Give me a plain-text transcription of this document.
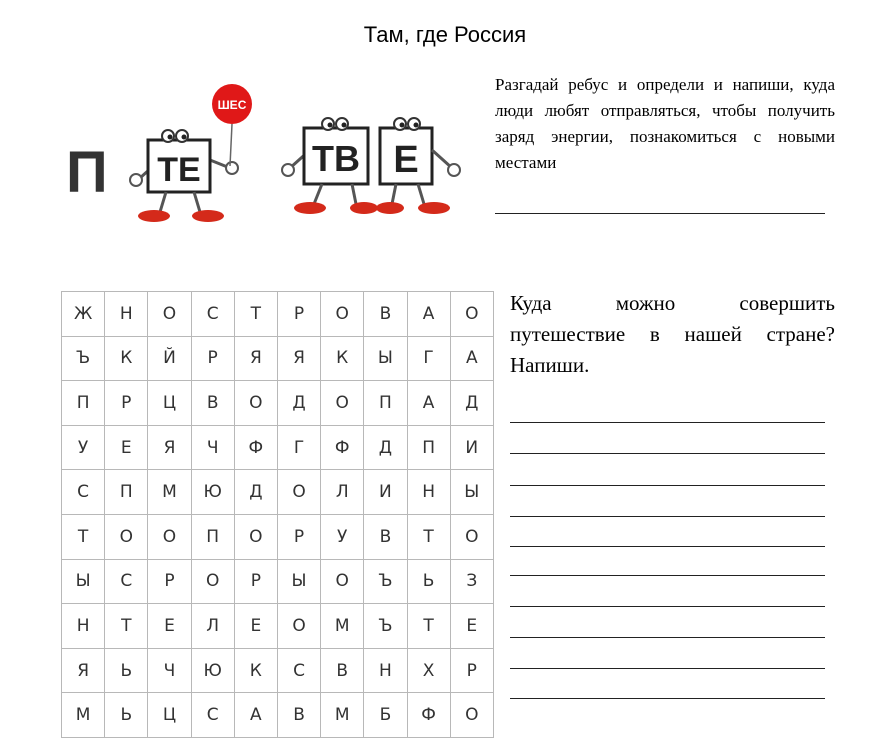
Там, где Россия
П ТЕ
ШЕС
ТВ Е
Разгадай ребус и определи и напиши, куда люди любят отправляться, чтобы получить заряд энергии, познакомиться с новыми местами
Куда можно совершить путешествие в нашей стране? Напиши.
Ж	Н	О	С	Т	Р	О	В	А	О
Ъ	К	Й	Р	Я	Я	К	Ы	Г	А
П	Р	Ц	В	О	Д	О	П	А	Д
У	Е	Я	Ч	Ф	Г	Ф	Д	П	И
С	П	М	Ю	Д	О	Л	И	Н	Ы
Т	О	О	П	О	Р	У	В	Т	О
Ы	С	Р	О	Р	Ы	О	Ъ	Ь	З
Н	Т	Е	Л	Е	О	М	Ъ	Т	Е
Я	Ь	Ч	Ю	К	С	В	Н	Х	Р
М	Ь	Ц	С	А	В	М	Б	Ф	О
